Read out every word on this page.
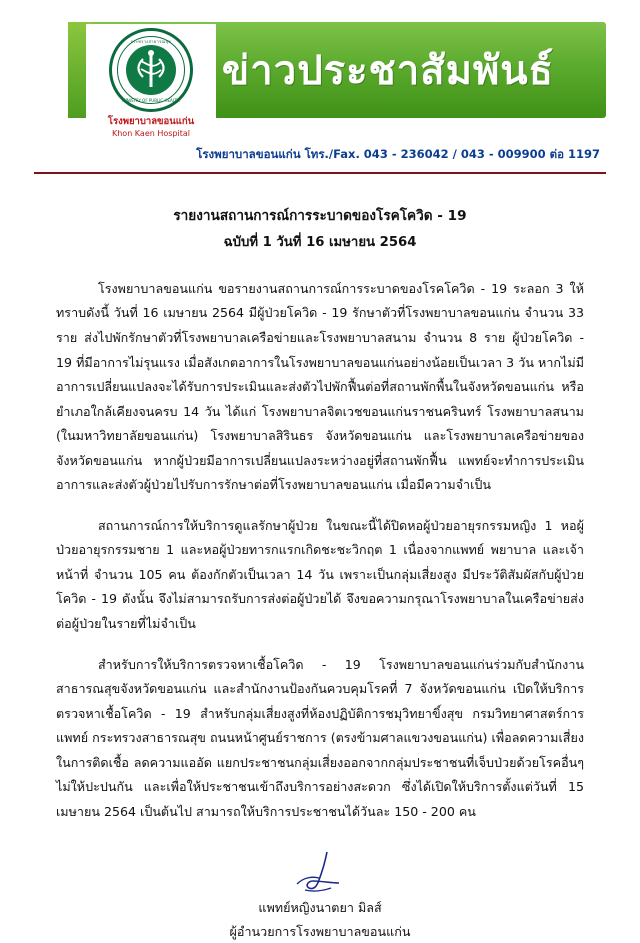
ข่าวประชาสัมพันธ์
กระทรวงสาธารณสุข
MINISTRY OF PUBLIC HEALTH
โรงพยาบาลขอนแก่น
Khon Kaen Hospital
โรงพยาบาลขอนแก่น โทร./Fax. 043 - 236042 / 043 - 009900 ต่อ 1197
รายงานสถานการณ์การระบาดของโรคโควิด - 19
ฉบับที่ 1 วันที่ 16 เมษายน 2564

โรงพยาบาลขอนแก่น ขอรายงานสถานการณ์การระบาดของโรคโควิด - 19 ระลอก 3 ให้ทราบดังนี้ วันที่ 16 เมษายน 2564 มีผู้ป่วยโควิด - 19 รักษาตัวที่โรงพยาบาลขอนแก่น จำนวน 33 ราย ส่งไปพักรักษาตัวที่โรงพยาบาลเครือข่ายและโรงพยาบาลสนาม จำนวน 8 ราย ผู้ป่วยโควิด - 19 ที่มีอาการไม่รุนแรง เมื่อสังเกตอาการในโรงพยาบาลขอนแก่นอย่างน้อยเป็นเวลา 3 วัน หากไม่มีอาการเปลี่ยนแปลงจะได้รับการประเมินและส่งตัวไปพักฟื้นต่อที่สถานพักพื้นในจังหวัดขอนแก่น หรือยำเภอใกล้เคียงจนครบ 14 วัน ได้แก่ โรงพยาบาลจิตเวชขอนแก่นราชนครินทร์ โรงพยาบาลสนาม (ในมหาวิทยาลัยขอนแก่น) โรงพยาบาลสิรินธร จังหวัดขอนแก่น และโรงพยาบาลเครือข่ายของจังหวัดขอนแก่น หากผู้ป่วยมีอาการเปลี่ยนแปลงระหว่างอยู่ที่สถานพักฟื้น แพทย์จะทำการประเมินอาการและส่งตัวผู้ป่วยไปรับการรักษาต่อที่โรงพยาบาลขอนแก่น เมื่อมีความจำเป็น

สถานการณ์การให้บริการดูแลรักษาผู้ป่วย ในขณะนี้ได้ปิดหอผู้ป่วยอายุรกรรมหญิง 1 หอผู้ป่วยอายุรกรรมชาย 1 และหอผู้ป่วยทารกแรกเกิดชะชะวิกฤต 1 เนื่องจากแพทย์ พยาบาล และเจ้าหน้าที่ จำนวน 105 คน ต้องกักตัวเป็นเวลา 14 วัน เพราะเป็นกลุ่มเสี่ยงสูง มีประวัติสัมผัสกับผู้ป่วยโควิด - 19 ดังนั้น จึงไม่สามารถรับการส่งต่อผู้ป่วยได้ จึงขอความกรุณาโรงพยาบาลในเครือข่ายส่งต่อผู้ป่วยในรายที่ไม่จำเป็น

สำหรับการให้บริการตรวจหาเชื้อโควิด - 19 โรงพยาบาลขอนแก่นร่วมกับสำนักงานสาธารณสุขจังหวัดขอนแก่น และสำนักงานป้องกันควบคุมโรคที่ 7 จังหวัดขอนแก่น เปิดให้บริการตรวจหาเชื้อโควิด - 19 สำหรับกลุ่มเสี่ยงสูงที่ห้องปฏิบัติการชมุวิทยาขิ์งสุข กรมวิทยาศาสตร์การแพทย์ กระทรวงสาธารณสุข ถนนหน้าศูนย์ราชการ (ตรงข้ามศาลแขวงขอนแก่น) เพื่อลดความเสี่ยงในการติดเชื้อ ลดความแออัด แยกประชาชนกลุ่มเสี่ยงออกจากกลุ่มประชาชนที่เจ็บป่วยด้วยโรคอื่นๆ ไม่ให้ปะปนกัน และเพื่อให้ประชาชนเข้าถึงบริการอย่างสะดวก ซึ่งได้เปิดให้บริการตั้งแต่วันที่ 15 เมษายน 2564 เป็นต้นไป สามารถให้บริการประชาชนได้วันละ 150 - 200 คน

แพทย์หญิงนาตยา มิลส์
ผู้อำนวยการโรงพยาบาลขอนแก่น
